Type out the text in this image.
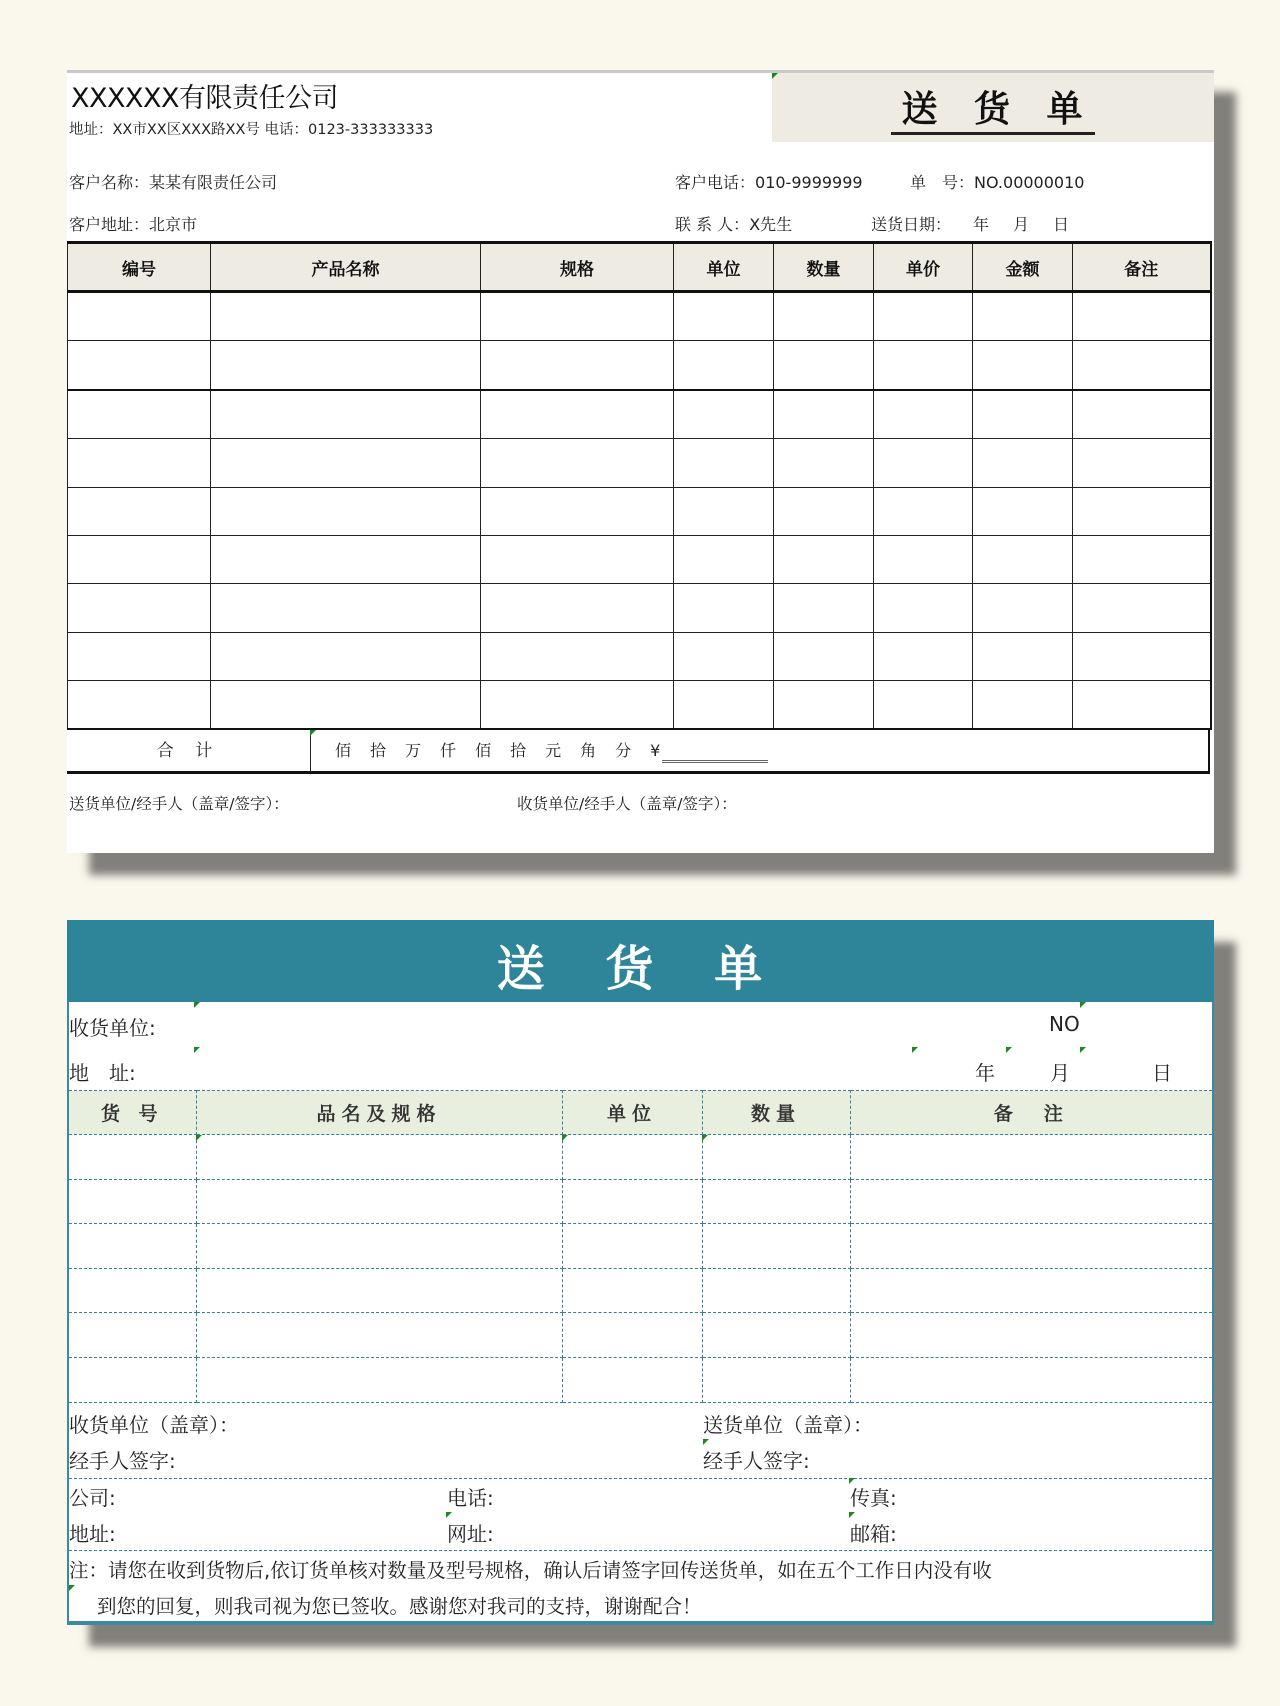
XXXXXX有限责任公司
地址：XX市XX区XXX路XX号 电话：0123-333333333	送 货 单
客户名称：某某有限责任公司
客户地址：北京市
客户电话：010-9999999	单　号：NO.00000010
联 系 人：X先生	送货日期： 年　月　日
编号	产品名称	规格	单位	数量	单价	金额	备注

合 计	佰 拾 万 仟 佰 拾 元 角 分 ¥
送货单位/经手人（盖章/签字）：	收货单位/经手人（盖章/签字）：
送 货 单
收货单位:	NO
地　址:	年	月	日
货 号	品名及规格	单位	数量	备　注

收货单位（盖章）：	送货单位（盖章）：
经手人签字:	经手人签字:
公司:	电话:	传真:
地址:	网址:	邮箱:
注：请您在收到货物后,依订货单核对数量及型号规格，确认后请签字回传送货单，如在五个工作日内没有收
到您的回复，则我司视为您已签收。感谢您对我司的支持，谢谢配合！
